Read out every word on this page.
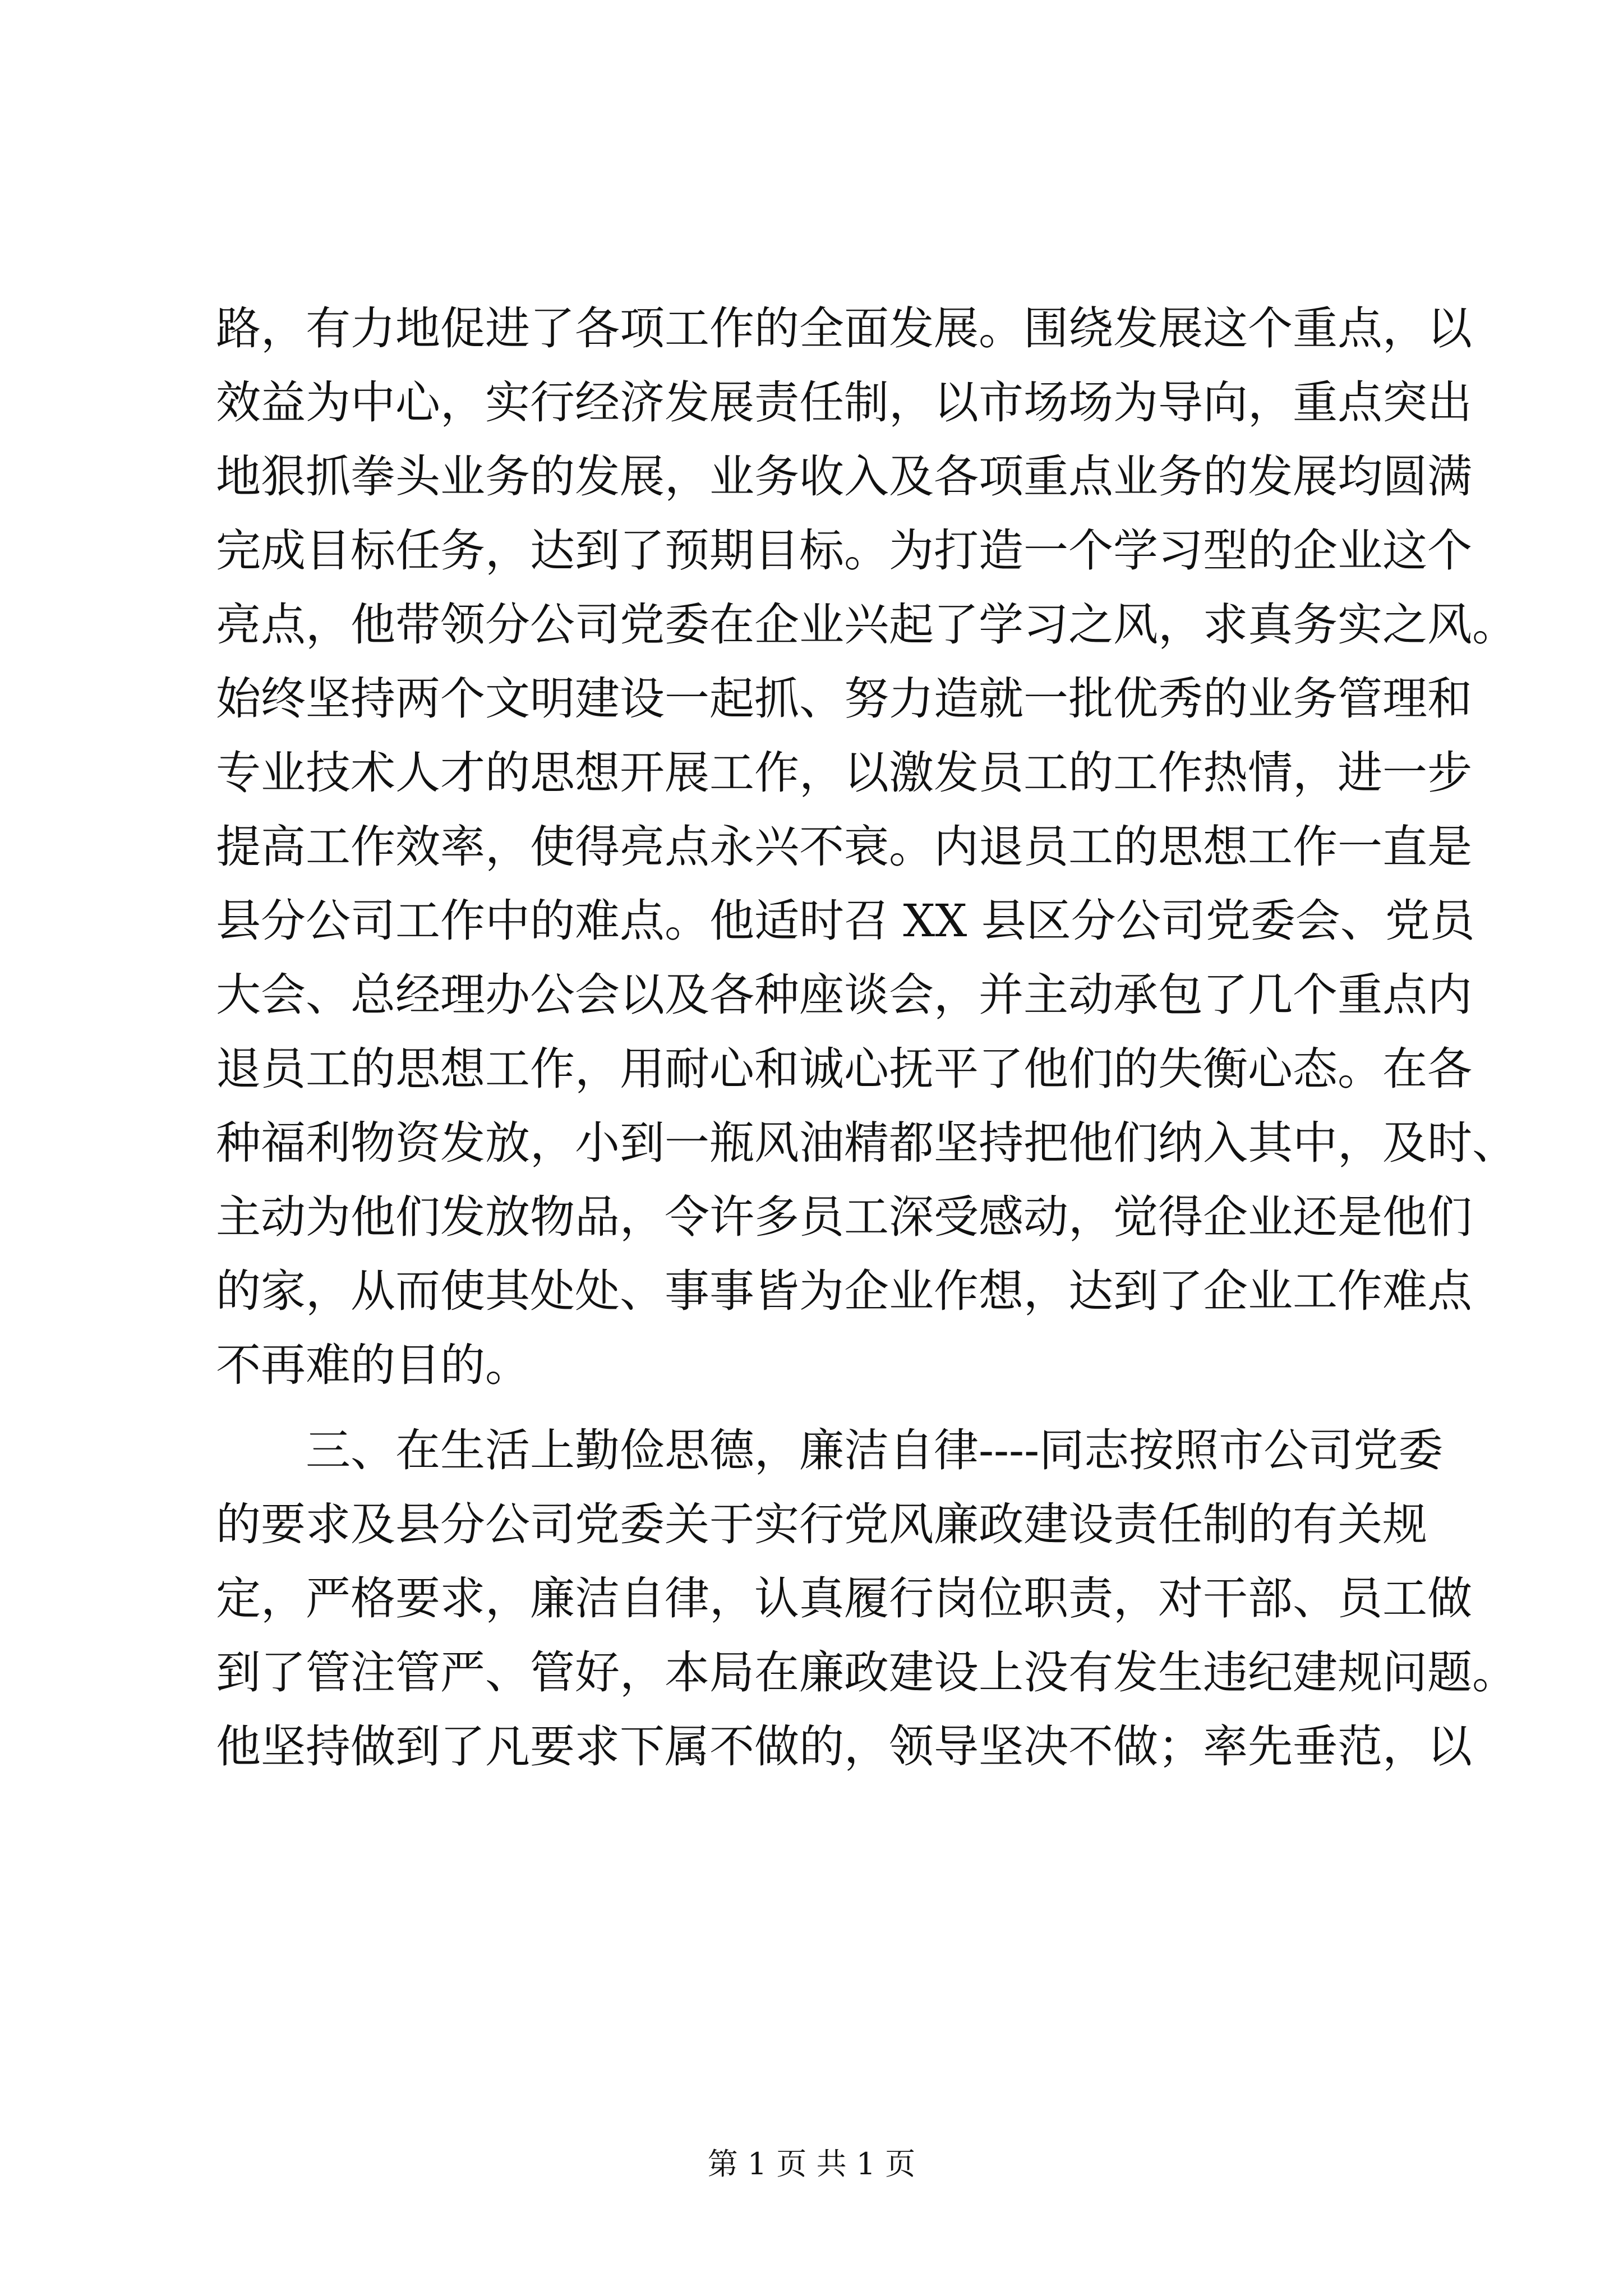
路，有力地促进了各项工作的全面发展。围绕发展这个重点，以
效益为中心，实行经济发展责任制，以市场场为导向，重点突出
地狠抓拳头业务的发展，业务收入及各项重点业务的发展均圆满
完成目标任务，达到了预期目标。为打造一个学习型的企业这个
亮点，他带领分公司党委在企业兴起了学习之风，求真务实之风。
始终坚持两个文明建设一起抓、努力造就一批优秀的业务管理和
专业技术人才的思想开展工作，以激发员工的工作热情，进一步
提高工作效率，使得亮点永兴不衰。内退员工的思想工作一直是
县分公司工作中的难点。他适时召 XX 县区分公司党委会、党员
大会、总经理办公会以及各种座谈会，并主动承包了几个重点内
退员工的思想工作，用耐心和诚心抚平了他们的失衡心态。在各
种福利物资发放，小到一瓶风油精都坚持把他们纳入其中，及时、
主动为他们发放物品，令许多员工深受感动，觉得企业还是他们
的家，从而使其处处、事事皆为企业作想，达到了企业工作难点
不再难的目的。
三、在生活上勤俭思德，廉洁自律----同志按照市公司党委
的要求及县分公司党委关于实行党风廉政建设责任制的有关规
定，严格要求，廉洁自律，认真履行岗位职责，对干部、员工做
到了管注管严、管好，本局在廉政建设上没有发生违纪建规问题。
他坚持做到了凡要求下属不做的，领导坚决不做；率先垂范，以
第 1 页 共 1 页
